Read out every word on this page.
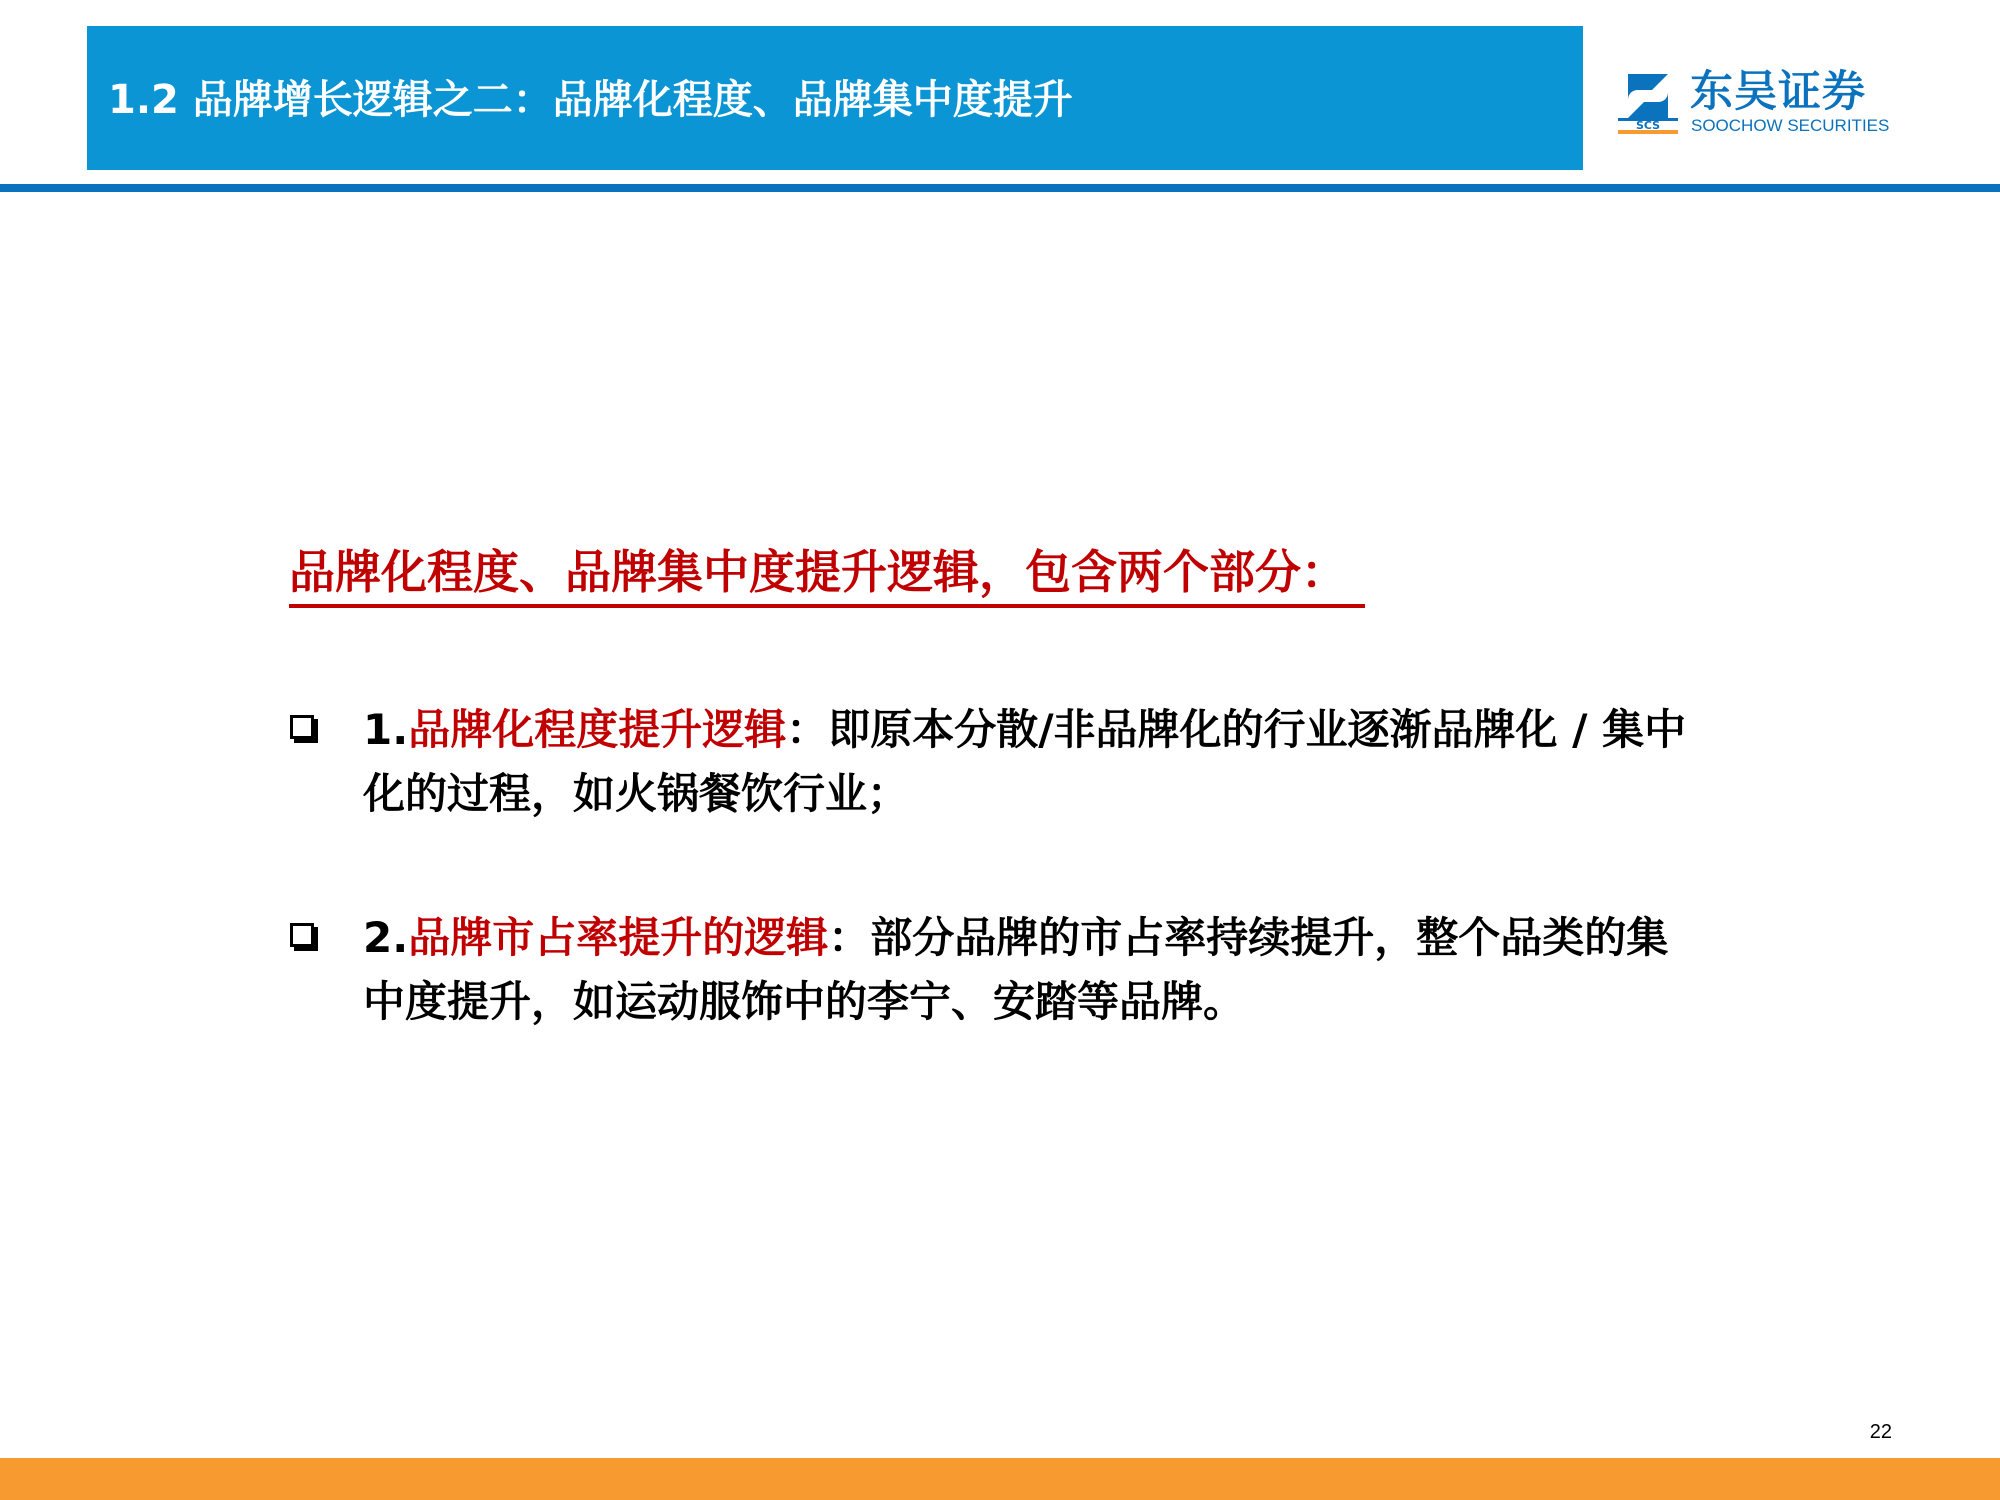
1.2 品牌增长逻辑之二：品牌化程度、品牌集中度提升
SCS
东吴证券
SOOCHOW SECURITIES
品牌化程度、品牌集中度提升逻辑，包含两个部分：
1.品牌化程度提升逻辑：即原本分散/非品牌化的行业逐渐品牌化 / 集中化的过程，如火锅餐饮行业；
2.品牌市占率提升的逻辑：部分品牌的市占率持续提升，整个品类的集中度提升，如运动服饰中的李宁、安踏等品牌。
22
